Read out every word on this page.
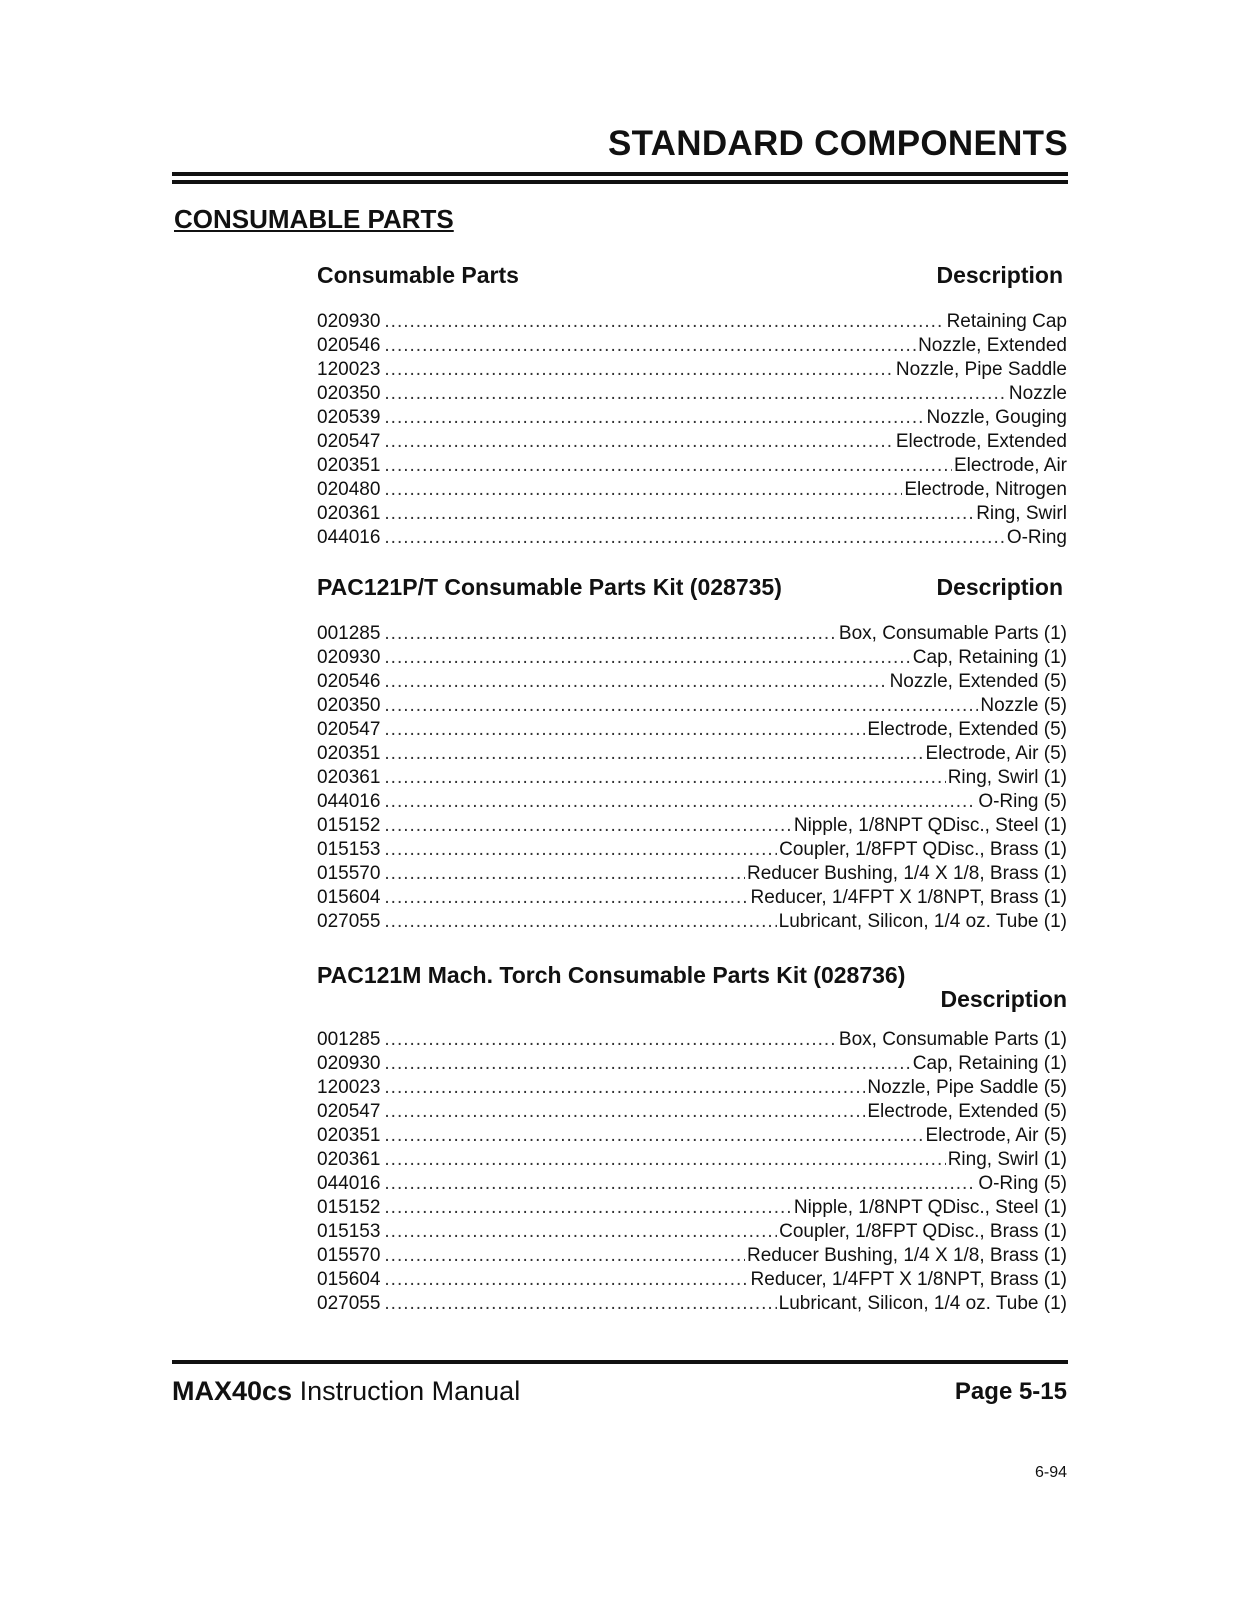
STANDARD COMPONENTS
CONSUMABLE PARTS
Consumable Parts	Description
020930 .....	Retaining Cap
020546 .....	Nozzle, Extended
120023 .....	Nozzle, Pipe Saddle
020350 .....	Nozzle
020539 .....	Nozzle, Gouging
020547 .....	Electrode, Extended
020351 .....	Electrode, Air
020480 .....	Electrode, Nitrogen
020361 .....	Ring, Swirl
044016 .....	O-Ring
PAC121P/T Consumable Parts Kit (028735)	Description
001285 .....	Box, Consumable Parts (1)
020930 .....	Cap, Retaining (1)
020546 .....	Nozzle, Extended (5)
020350 .....	Nozzle (5)
020547 .....	Electrode, Extended (5)
020351 .....	Electrode, Air (5)
020361 .....	Ring, Swirl (1)
044016 .....	O-Ring (5)
015152 .....	Nipple, 1/8NPT QDisc., Steel (1)
015153 .....	Coupler, 1/8FPT QDisc., Brass (1)
015570 .....	Reducer Bushing, 1/4 X 1/8, Brass (1)
015604 .....	Reducer, 1/4FPT X 1/8NPT, Brass (1)
027055 .....	Lubricant, Silicon, 1/4 oz. Tube (1)
PAC121M Mach. Torch Consumable Parts Kit (028736)
Description
001285 .....	Box, Consumable Parts (1)
020930 .....	Cap, Retaining (1)
120023 .....	Nozzle, Pipe Saddle (5)
020547 .....	Electrode, Extended (5)
020351 .....	Electrode, Air (5)
020361 .....	Ring, Swirl (1)
044016 .....	O-Ring (5)
015152 .....	Nipple, 1/8NPT QDisc., Steel (1)
015153 .....	Coupler, 1/8FPT QDisc., Brass (1)
015570 .....	Reducer Bushing, 1/4 X 1/8, Brass (1)
015604 .....	Reducer, 1/4FPT X 1/8NPT, Brass (1)
027055 .....	Lubricant, Silicon, 1/4 oz. Tube (1)
MAX40cs Instruction Manual	Page 5-15
6-94
